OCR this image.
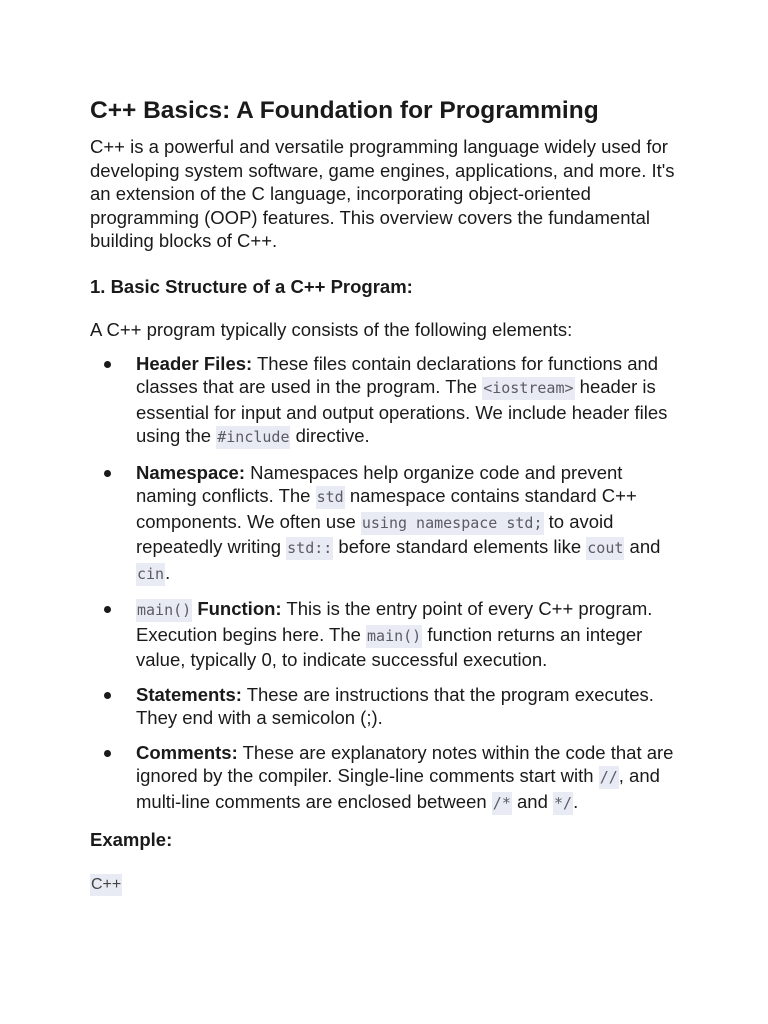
C++ Basics: A Foundation for Programming

C++ is a powerful and versatile programming language widely used for developing system software, game engines, applications, and more. It's an extension of the C language, incorporating object-oriented programming (OOP) features. This overview covers the fundamental building blocks of C++.

1. Basic Structure of a C++ Program:

A C++ program typically consists of the following elements:

Header Files: These files contain declarations for functions and classes that are used in the program. The <iostream> header is essential for input and output operations. We include header files using the #include directive.
Namespace: Namespaces help organize code and prevent naming conflicts. The std namespace contains standard C++ components. We often use using namespace std; to avoid repeatedly writing std:: before standard elements like cout and cin.
main() Function: This is the entry point of every C++ program. Execution begins here. The main() function returns an integer value, typically 0, to indicate successful execution.
Statements: These are instructions that the program executes. They end with a semicolon (;).
Comments: These are explanatory notes within the code that are ignored by the compiler. Single-line comments start with //, and multi-line comments are enclosed between /* and */.

Example:

C++
